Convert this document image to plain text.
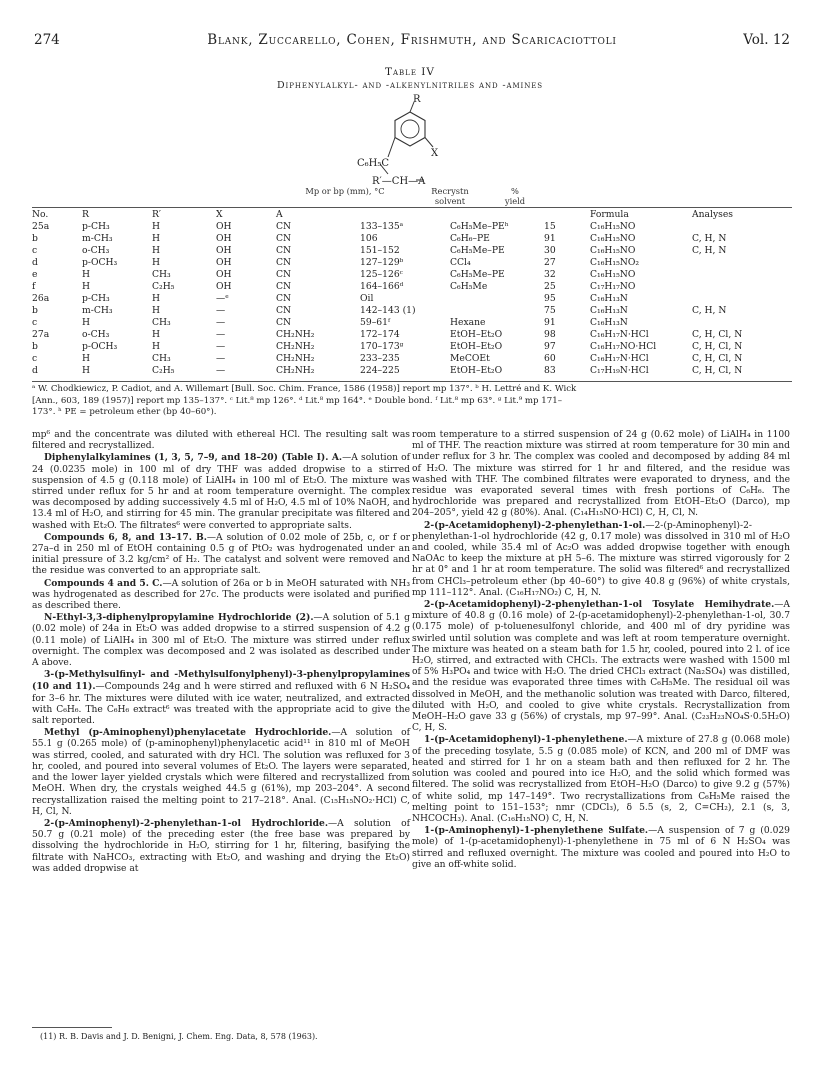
274	Blank, Zuccarello, Cohen, Frishmuth, and Scaricaciottoli	Vol. 12
Table IV
Diphenylalkyl- and -alkenylnitriles and -amines
R
X
C₆H₅C
R′—CH—A
Mp or bp (mm), °C	Recrystn solvent
% yield
No.	R	R′	X	A				Formula	Analyses
25a	p-CH₃	H	OH	CN	133–135ᵃ	C₆H₅Me–PEʰ	15	C₁₆H₁₅NO	
b	m-CH₃	H	OH	CN	106	C₆H₆–PE	91	C₁₆H₁₅NO	C, H, N
c	o-CH₃	H	OH	CN	151–152	C₆H₅Me–PE	30	C₁₆H₁₅NO	C, H, N
d	p-OCH₃	H	OH	CN	127–129ᵇ	CCl₄	27	C₁₆H₁₅NO₂	
e	H	CH₃	OH	CN	125–126ᶜ	C₆H₅Me–PE	32	C₁₆H₁₅NO	
f	H	C₂H₅	OH	CN	164–166ᵈ	C₆H₅Me	25	C₁₇H₁₇NO	
26a	p-CH₃	H	—ᵉ	CN	Oil		95	C₁₆H₁₃N	
b	m-CH₃	H	—	CN	142–143 (1)		75	C₁₆H₁₃N	C, H, N
c	H	CH₃	—	CN	59–61ᶠ	Hexane	91	C₁₆H₁₃N	
27a	o-CH₃	H	—	CH₂NH₂	172–174	EtOH–Et₂O	98	C₁₆H₁₇N·HCl	C, H, Cl, N
b	p-OCH₃	H	—	CH₂NH₂	170–173ᵍ	EtOH–Et₂O	97	C₁₆H₁₇NO·HCl	C, H, Cl, N
c	H	CH₃	—	CH₂NH₂	233–235	MeCOEt	60	C₁₆H₁₇N·HCl	C, H, Cl, N
d	H	C₂H₅	—	CH₂NH₂	224–225	EtOH–Et₂O	83	C₁₇H₁₉N·HCl	C, H, Cl, N
ᵃ W. Chodkiewicz, P. Cadiot, and A. Willemart [Bull. Soc. Chim. France, 1586 (1958)] report mp 137°. ᵇ H. Lettré and K. Wick
[Ann., 603, 189 (1957)] report mp 135–137°. ᶜ Lit.⁸ mp 126°. ᵈ Lit.⁸ mp 164°. ᵉ Double bond. ᶠ Lit.⁸ mp 63°. ᵍ Lit.⁹ mp 171–
173°. ʰ PE = petroleum ether (bp 40–60°).

mp⁶ and the concentrate was diluted with ethereal HCl. The resulting salt was filtered and recrystallized.

Diphenylalkylamines (1, 3, 5, 7–9, and 18–20) (Table I). A.—A solution of 24 (0.0235 mole) in 100 ml of dry THF was added dropwise to a stirred suspension of 4.5 g (0.118 mole) of LiAlH₄ in 100 ml of Et₂O. The mixture was stirred under reflux for 5 hr and at room temperature overnight. The complex was decomposed by adding successively 4.5 ml of H₂O, 4.5 ml of 10% NaOH, and 13.4 ml of H₂O, and stirring for 45 min. The granular precipitate was filtered and washed with Et₂O. The filtrates⁶ were converted to appropriate salts.

Compounds 6, 8, and 13–17. B.—A solution of 0.02 mole of 25b, c, or f or 27a–d in 250 ml of EtOH containing 0.5 g of PtO₂ was hydrogenated under an initial pressure of 3.2 kg/cm² of H₂. The catalyst and solvent were removed and the residue was converted to an appropriate salt.

Compounds 4 and 5. C.—A solution of 26a or b in MeOH saturated with NH₃ was hydrogenated as described for 27c. The products were isolated and purified as described there.

N-Ethyl-3,3-diphenylpropylamine Hydrochloride (2).—A solution of 5.1 g (0.02 mole) of 24a in Et₂O was added dropwise to a stirred suspension of 4.2 g (0.11 mole) of LiAlH₄ in 300 ml of Et₂O. The mixture was stirred under reflux overnight. The complex was decomposed and 2 was isolated as described under A above.

3-(p-Methylsulfinyl- and -Methylsulfonylphenyl)-3-phenylpropylamines (10 and 11).—Compounds 24g and h were stirred and refluxed with 6 N H₂SO₄ for 3–6 hr. The mixtures were diluted with ice water, neutralized, and extracted with C₆H₆. The C₆H₆ extract⁶ was treated with the appropriate acid to give the salt reported.

Methyl (p-Aminophenyl)phenylacetate Hydrochloride.—A solution of 55.1 g (0.265 mole) of (p-aminophenyl)phenylacetic acid¹¹ in 810 ml of MeOH was stirred, cooled, and saturated with dry HCl. The solution was refluxed for 3 hr, cooled, and poured into several volumes of Et₂O. The layers were separated, and the lower layer yielded crystals which were filtered and recrystallized from MeOH. When dry, the crystals weighed 44.5 g (61%), mp 203–204°. A second recrystallization raised the melting point to 217–218°. Anal. (C₁₅H₁₅NO₂·HCl) C, H, Cl, N.

2-(p-Aminophenyl)-2-phenylethan-1-ol Hydrochloride.—A solution of 50.7 g (0.21 mole) of the preceding ester (the free base was prepared by dissolving the hydrochloride in H₂O, stirring for 1 hr, filtering, basifying the filtrate with NaHCO₃, extracting with Et₂O, and washing and drying the Et₂O) was added dropwise at

(11) R. B. Davis and J. D. Benigni, J. Chem. Eng. Data, 8, 578 (1963).

room temperature to a stirred suspension of 24 g (0.62 mole) of LiAlH₄ in 1100 ml of THF. The reaction mixture was stirred at room temperature for 30 min and under reflux for 3 hr. The complex was cooled and decomposed by adding 84 ml of H₂O. The mixture was stirred for 1 hr and filtered, and the residue was washed with THF. The combined filtrates were evaporated to dryness, and the residue was evaporated several times with fresh portions of C₆H₆. The hydrochloride was prepared and recrystallized from EtOH–Et₂O (Darco), mp 204–205°, yield 42 g (80%). Anal. (C₁₄H₁₅NO·HCl) C, H, Cl, N.

2-(p-Acetamidophenyl)-2-phenylethan-1-ol.—2-(p-Aminophenyl)-2-phenylethan-1-ol hydrochloride (42 g, 0.17 mole) was dissolved in 310 ml of H₂O and cooled, while 35.4 ml of Ac₂O was added dropwise together with enough NaOAc to keep the mixture at pH 5–6. The mixture was stirred vigorously for 2 hr at 0° and 1 hr at room temperature. The solid was filtered⁶ and recrystallized from CHCl₃–petroleum ether (bp 40–60°) to give 40.8 g (96%) of white crystals, mp 111–112°. Anal. (C₁₆H₁₇NO₂) C, H, N.

2-(p-Acetamidophenyl)-2-phenylethan-1-ol Tosylate Hemihydrate.—A mixture of 40.8 g (0.16 mole) of 2-(p-acetamidophenyl)-2-phenylethan-1-ol, 30.7 (0.175 mole) of p-toluenesulfonyl chloride, and 400 ml of dry pyridine was swirled until solution was complete and was left at room temperature overnight. The mixture was heated on a steam bath for 1.5 hr, cooled, poured into 2 l. of ice H₂O, stirred, and extracted with CHCl₃. The extracts were washed with 1500 ml of 5% H₃PO₄ and twice with H₂O. The dried CHCl₃ extract (Na₂SO₄) was distilled, and the residue was evaporated three times with C₆H₅Me. The residual oil was dissolved in MeOH, and the methanolic solution was treated with Darco, filtered, diluted with H₂O, and cooled to give white crystals. Recrystallization from MeOH–H₂O gave 33 g (56%) of crystals, mp 97–99°. Anal. (C₂₃H₂₃NO₄S·0.5H₂O) C, H, S.

1-(p-Acetamidophenyl)-1-phenylethene.—A mixture of 27.8 g (0.068 mole) of the preceding tosylate, 5.5 g (0.085 mole) of KCN, and 200 ml of DMF was heated and stirred for 1 hr on a steam bath and then refluxed for 2 hr. The solution was cooled and poured into ice H₂O, and the solid which formed was filtered. The solid was recrystallized from EtOH–H₂O (Darco) to give 9.2 g (57%) of white solid, mp 147–149°. Two recrystallizations from C₆H₅Me raised the melting point to 151–153°; nmr (CDCl₃), δ 5.5 (s, 2, C=CH₂), 2.1 (s, 3, NHCOCH₃). Anal. (C₁₆H₁₅NO) C, H, N.

1-(p-Aminophenyl)-1-phenylethene Sulfate.—A suspension of 7 g (0.029 mole) of 1-(p-acetamidophenyl)-1-phenylethene in 75 ml of 6 N H₂SO₄ was stirred and refluxed overnight. The mixture was cooled and poured into H₂O to give an off-white solid.
